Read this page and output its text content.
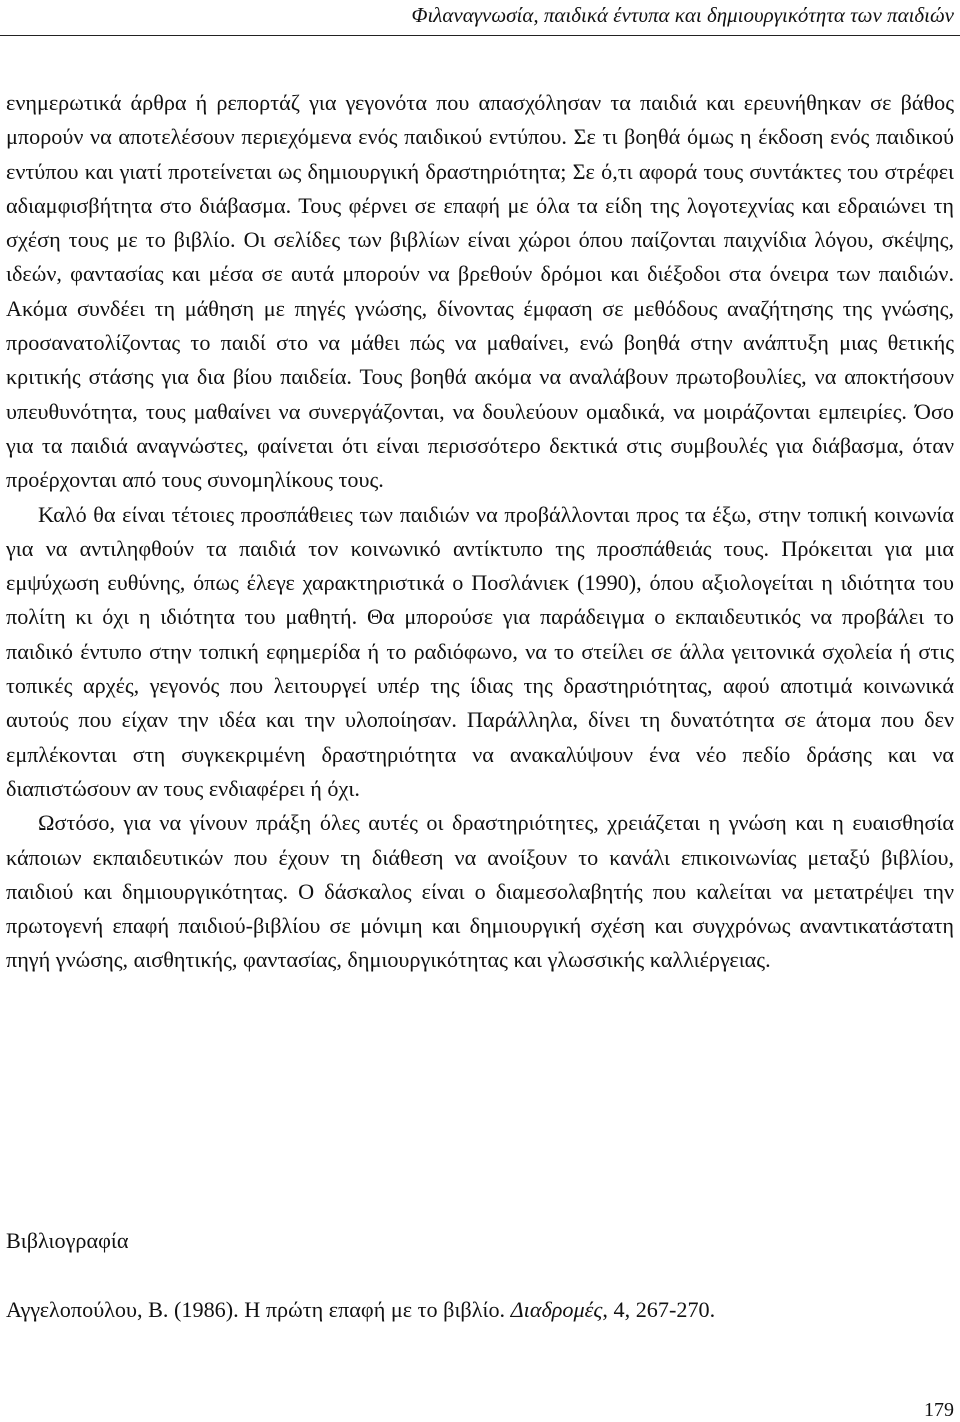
Φιλαναγνωσία, παιδικά έντυπα και δημιουργικότητα των παιδιών

ενημερωτικά άρθρα ή ρεπορτάζ για γεγονότα που απασχόλησαν τα παιδιά και ερευνήθηκαν σε βάθος μπορούν να αποτελέσουν περιεχόμενα ενός παιδικού εντύπου. Σε τι βοηθά όμως η έκδοση ενός παιδικού εντύπου και γιατί προτείνεται ως δημιουργική δραστηριότητα; Σε ό,τι αφορά τους συντάκτες του στρέφει αδιαμφισβήτητα στο διάβασμα. Τους φέρνει σε επαφή με όλα τα είδη της λογοτεχνίας και εδραιώνει τη σχέση τους με το βιβλίο. Οι σελίδες των βιβλίων είναι χώροι όπου παίζονται παιχνίδια λόγου, σκέψης, ιδεών, φαντασίας και μέσα σε αυτά μπορούν να βρεθούν δρόμοι και διέξοδοι στα όνειρα των παιδιών. Ακόμα συνδέει τη μάθηση με πηγές γνώσης, δίνοντας έμφαση σε μεθόδους αναζήτησης της γνώσης, προσανατολίζοντας το παιδί στο να μάθει πώς να μαθαίνει, ενώ βοηθά στην ανάπτυξη μιας θετικής κριτικής στάσης για δια βίου παιδεία. Τους βοηθά ακόμα να αναλάβουν πρωτοβουλίες, να αποκτήσουν υπευθυνότητα, τους μαθαίνει να συνεργάζονται, να δουλεύουν ομαδικά, να μοιράζονται εμπειρίες. Όσο για τα παιδιά αναγνώστες, φαίνεται ότι είναι περισσότερο δεκτικά στις συμβουλές για διάβασμα, όταν προέρχονται από τους συνομηλίκους τους.

Καλό θα είναι τέτοιες προσπάθειες των παιδιών να προβάλλονται προς τα έξω, στην τοπική κοινωνία για να αντιληφθούν τα παιδιά τον κοινωνικό αντίκτυπο της προσπάθειάς τους. Πρόκειται για μια εμψύχωση ευθύνης, όπως έλεγε χαρακτηριστικά ο Ποσλάνιεκ (1990), όπου αξιολογείται η ιδιότητα του πολίτη κι όχι η ιδιότητα του μαθητή. Θα μπορούσε για παράδειγμα ο εκπαιδευτικός να προβάλει το παιδικό έντυπο στην τοπική εφημερίδα ή το ραδιόφωνο, να το στείλει σε άλλα γειτονικά σχολεία ή στις τοπικές αρχές, γεγονός που λειτουργεί υπέρ της ίδιας της δραστηριότητας, αφού αποτιμά κοινωνικά αυτούς που είχαν την ιδέα και την υλοποίησαν. Παράλληλα, δίνει τη δυνατότητα σε άτομα που δεν εμπλέκονται στη συγκεκριμένη δραστηριότητα να ανακαλύψουν ένα νέο πεδίο δράσης και να διαπιστώσουν αν τους ενδιαφέρει ή όχι.

Ωστόσο, για να γίνουν πράξη όλες αυτές οι δραστηριότητες, χρειάζεται η γνώση και η ευαισθησία κάποιων εκπαιδευτικών που έχουν τη διάθεση να ανοίξουν το κανάλι επικοινωνίας μεταξύ βιβλίου, παιδιού και δημιουργικότητας. Ο δάσκαλος είναι ο διαμεσολαβητής που καλείται να μετατρέψει την πρωτογενή επαφή παιδιού-βιβλίου σε μόνιμη και δημιουργική σχέση και συγχρόνως αναντικατάστατη πηγή γνώσης, αισθητικής, φαντασίας, δημιουργικότητας και γλωσσικής καλλιέργειας.

Βιβλιογραφία
Αγγελοπούλου, Β. (1986). Η πρώτη επαφή με το βιβλίο. Διαδρομές, 4, 267-270.
179
